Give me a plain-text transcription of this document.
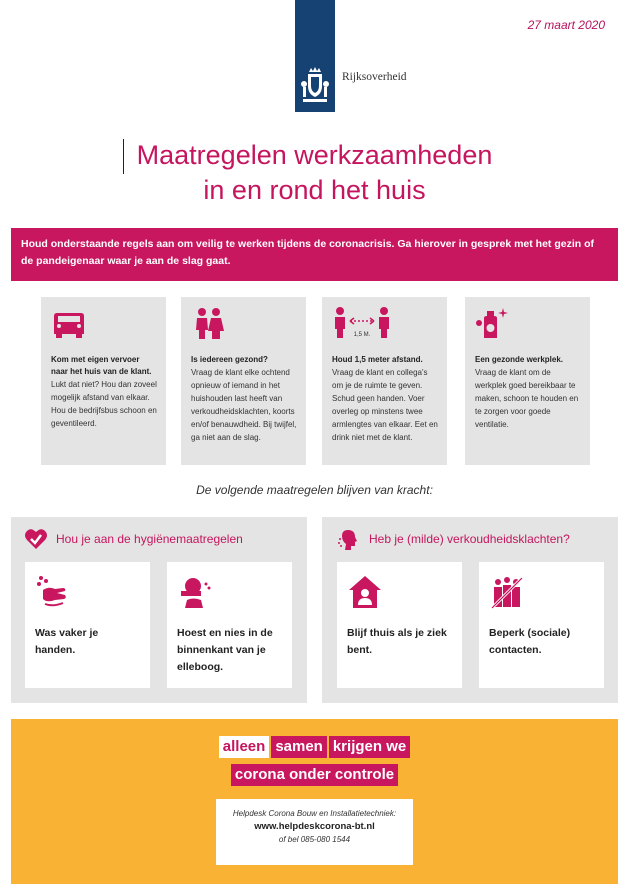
Rijksoverheid
27 maart 2020
Maatregelen werkzaamheden
in en rond het huis
Houd onderstaande regels aan om veilig te werken tijdens de coronacrisis. Ga hierover in gesprek met het gezin of de pandeigenaar waar je aan de slag gaat.
Kom met eigen vervoer naar het huis van de klant.
Lukt dat niet? Hou dan zoveel mogelijk afstand van elkaar. Hou de bedrijfsbus schoon en geventileerd.
Is iedereen gezond?
Vraag de klant elke ochtend opnieuw of iemand in het huishouden last heeft van verkoudheidsklachten, koorts en/of benauwdheid. Bij twijfel, ga niet aan de slag.
1,5 M.
Houd 1,5 meter afstand.
Vraag de klant en collega's om je de ruimte te geven. Schud geen handen. Voer overleg op minstens twee armlengtes van elkaar. Eet en drink niet met de klant.
Een gezonde werkplek.
Vraag de klant om de werkplek goed bereikbaar te maken, schoon te houden en te zorgen voor goede ventilatie.
De volgende maatregelen blijven van kracht:
Hou je aan de hygiënemaatregelen
Was vaker je handen.
Hoest en nies in de binnenkant van je elleboog.
Heb je (milde) verkoudheidsklachten?
Blijf thuis als je ziek bent.
Beperk (sociale) contacten.
alleen samen krijgen we
corona onder controle
Helpdesk Corona Bouw en Installatietechniek:
www.helpdeskcorona-bt.nl
of bel 085-080 1544
